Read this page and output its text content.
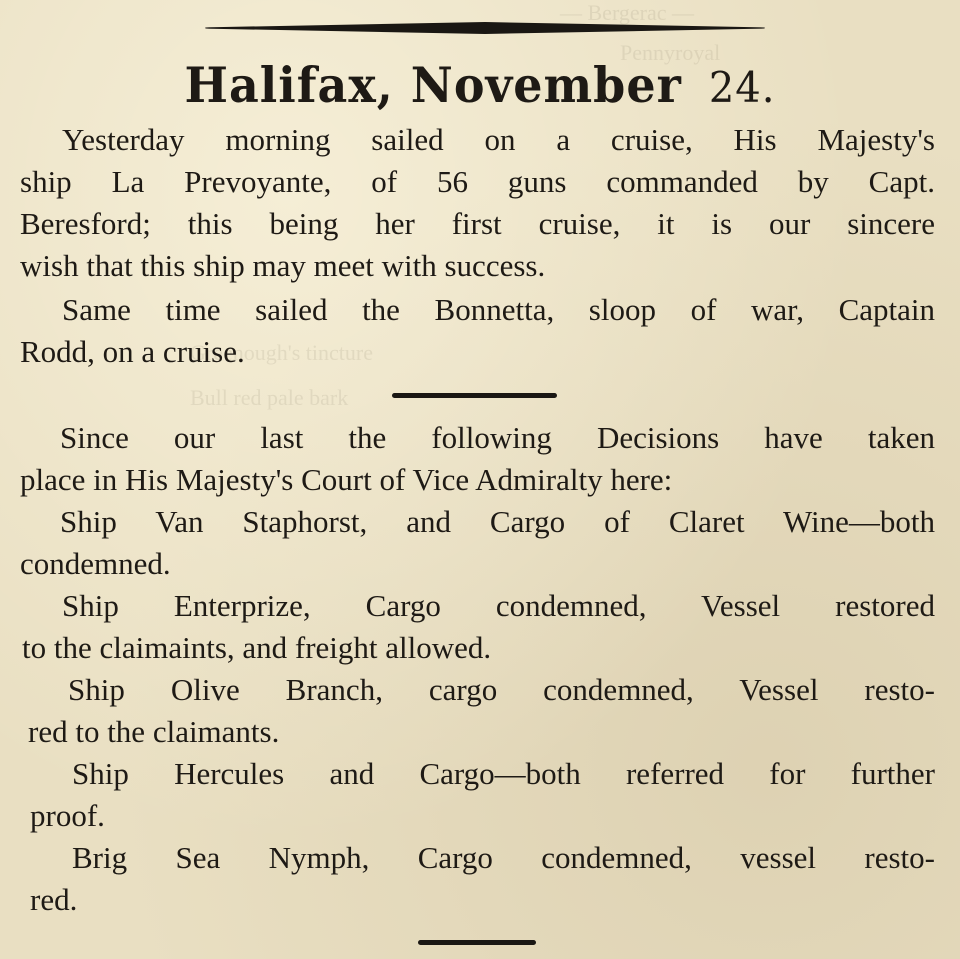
— Bergerac —
Pennyroyal
Greenough's tincture
Bull red pale bark
Halifax, November 24.
Yesterday morning sailed on a cruise, His Majesty's
ship La Prevoyante, of 56 guns commanded by Capt.
Beresford; this being her first cruise, it is our sincere
wish that this ship may meet with success.
Same time sailed the Bonnetta, sloop of war, Captain
Rodd, on a cruise.
Since our last the following Decisions have taken
place in His Majesty's Court of Vice Admiralty here:
Ship Van Staphorst, and Cargo of Claret Wine—both
condemned.
Ship Enterprize, Cargo condemned, Vessel restored
to the claimaints, and freight allowed.
Ship Olive Branch, cargo condemned, Vessel resto-
red to the claimants.
Ship Hercules and Cargo—both referred for further
proof.
Brig Sea Nymph, Cargo condemned, vessel resto-
red.
